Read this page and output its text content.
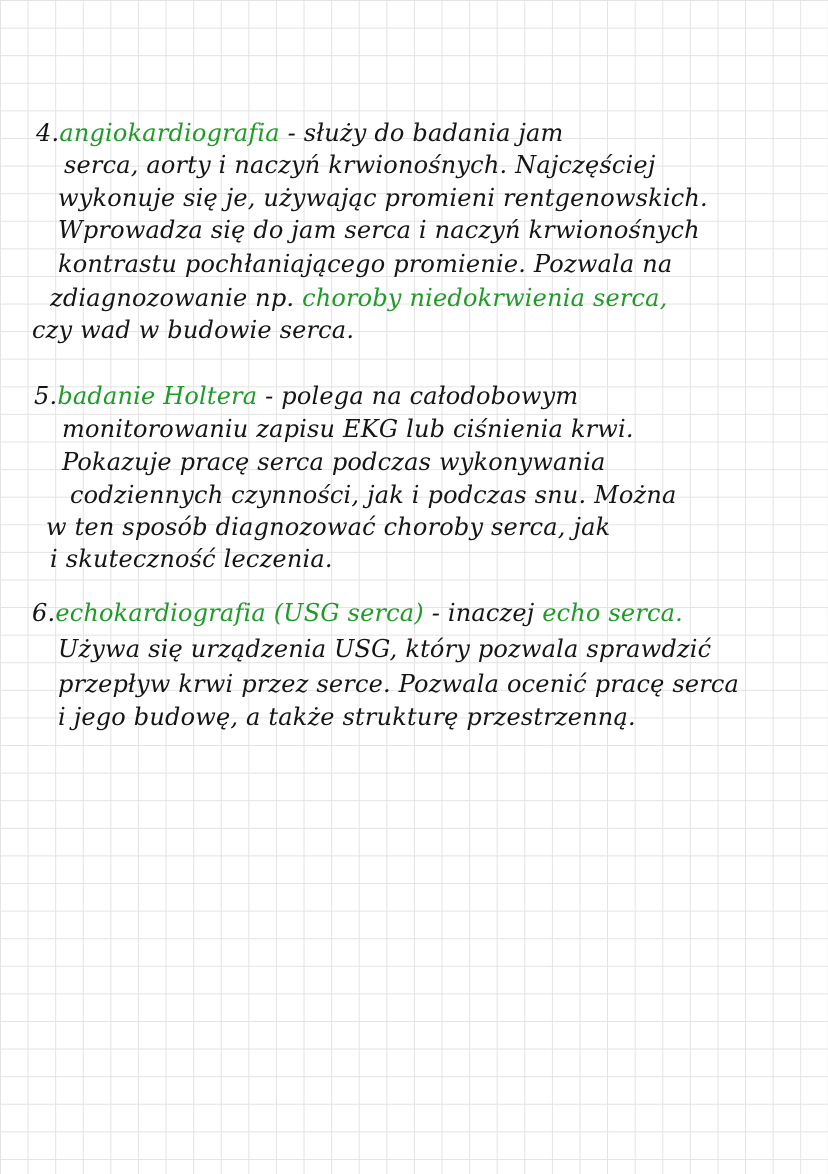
4.angiokardiografia - służy do badania jam
serca, aorty i naczyń krwionośnych. Najczęściej
wykonuje się je, używając promieni rentgenowskich.
Wprowadza się do jam serca i naczyń krwionośnych
kontrastu pochłaniającego promienie. Pozwala na
zdiagnozowanie np. choroby niedokrwienia serca,
czy wad w budowie serca.
5.badanie Holtera - polega na całodobowym
monitorowaniu zapisu EKG lub ciśnienia krwi.
Pokazuje pracę serca podczas wykonywania
codziennych czynności, jak i podczas snu. Można
w ten sposób diagnozować choroby serca, jak
i skuteczność leczenia.
6.echokardiografia (USG serca) - inaczej echo serca.
Używa się urządzenia USG, który pozwala sprawdzić
przepływ krwi przez serce. Pozwala ocenić pracę serca
i jego budowę, a także strukturę przestrzenną.
